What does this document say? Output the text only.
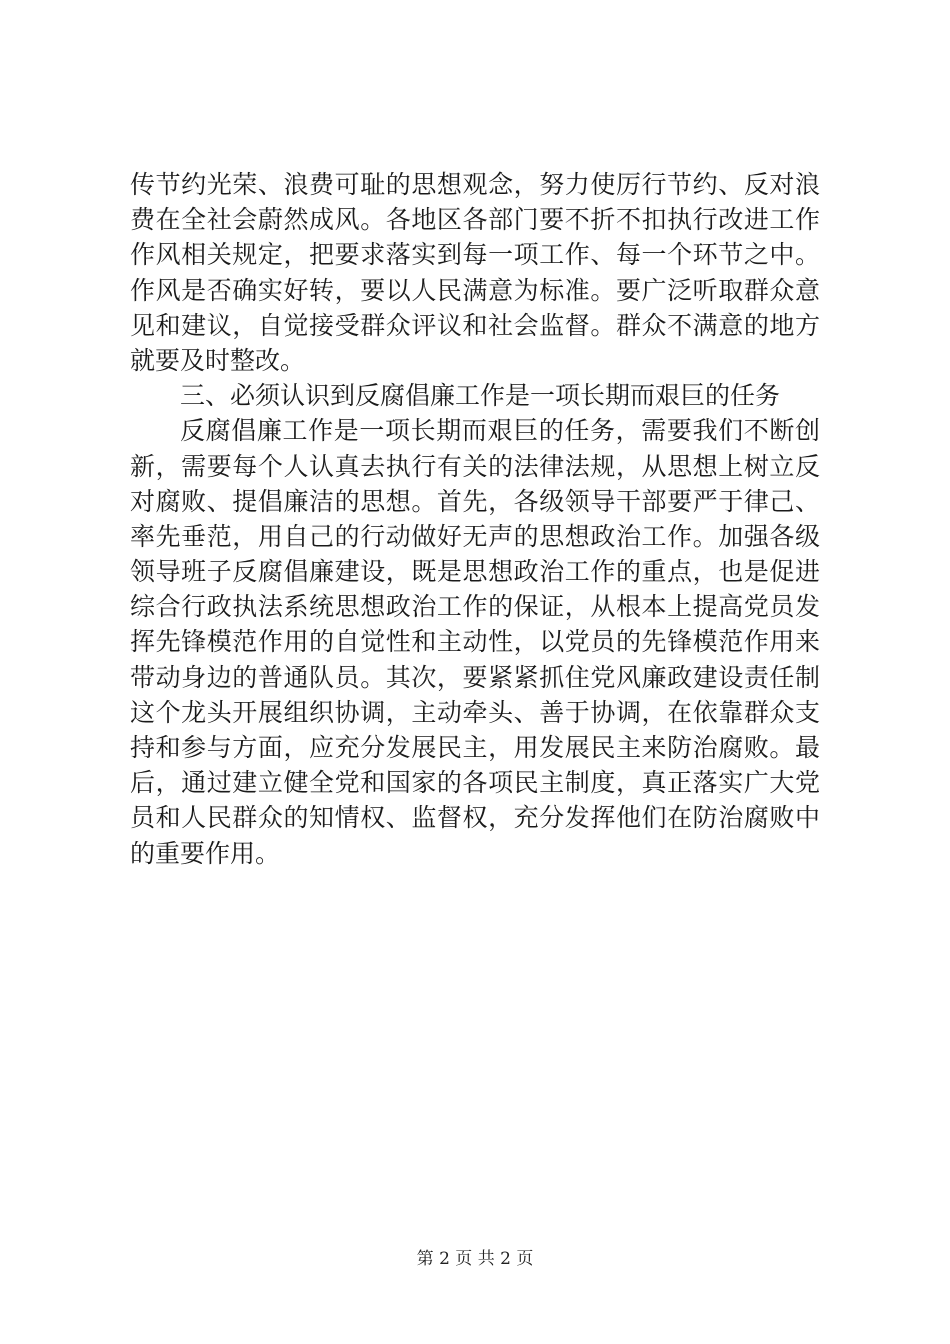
传节约光荣、浪费可耻的思想观念，努力使厉行节约、反对浪
费在全社会蔚然成风。各地区各部门要不折不扣执行改进工作
作风相关规定，把要求落实到每一项工作、每一个环节之中。
作风是否确实好转，要以人民满意为标准。要广泛听取群众意
见和建议，自觉接受群众评议和社会监督。群众不满意的地方
就要及时整改。
三、必须认识到反腐倡廉工作是一项长期而艰巨的任务
反腐倡廉工作是一项长期而艰巨的任务，需要我们不断创
新，需要每个人认真去执行有关的法律法规，从思想上树立反
对腐败、提倡廉洁的思想。首先，各级领导干部要严于律己、
率先垂范，用自己的行动做好无声的思想政治工作。加强各级
领导班子反腐倡廉建设，既是思想政治工作的重点，也是促进
综合行政执法系统思想政治工作的保证，从根本上提高党员发
挥先锋模范作用的自觉性和主动性，以党员的先锋模范作用来
带动身边的普通队员。其次，要紧紧抓住党风廉政建设责任制
这个龙头开展组织协调，主动牵头、善于协调，在依靠群众支
持和参与方面，应充分发展民主，用发展民主来防治腐败。最
后，通过建立健全党和国家的各项民主制度，真正落实广大党
员和人民群众的知情权、监督权，充分发挥他们在防治腐败中
的重要作用。
第 2 页 共 2 页
